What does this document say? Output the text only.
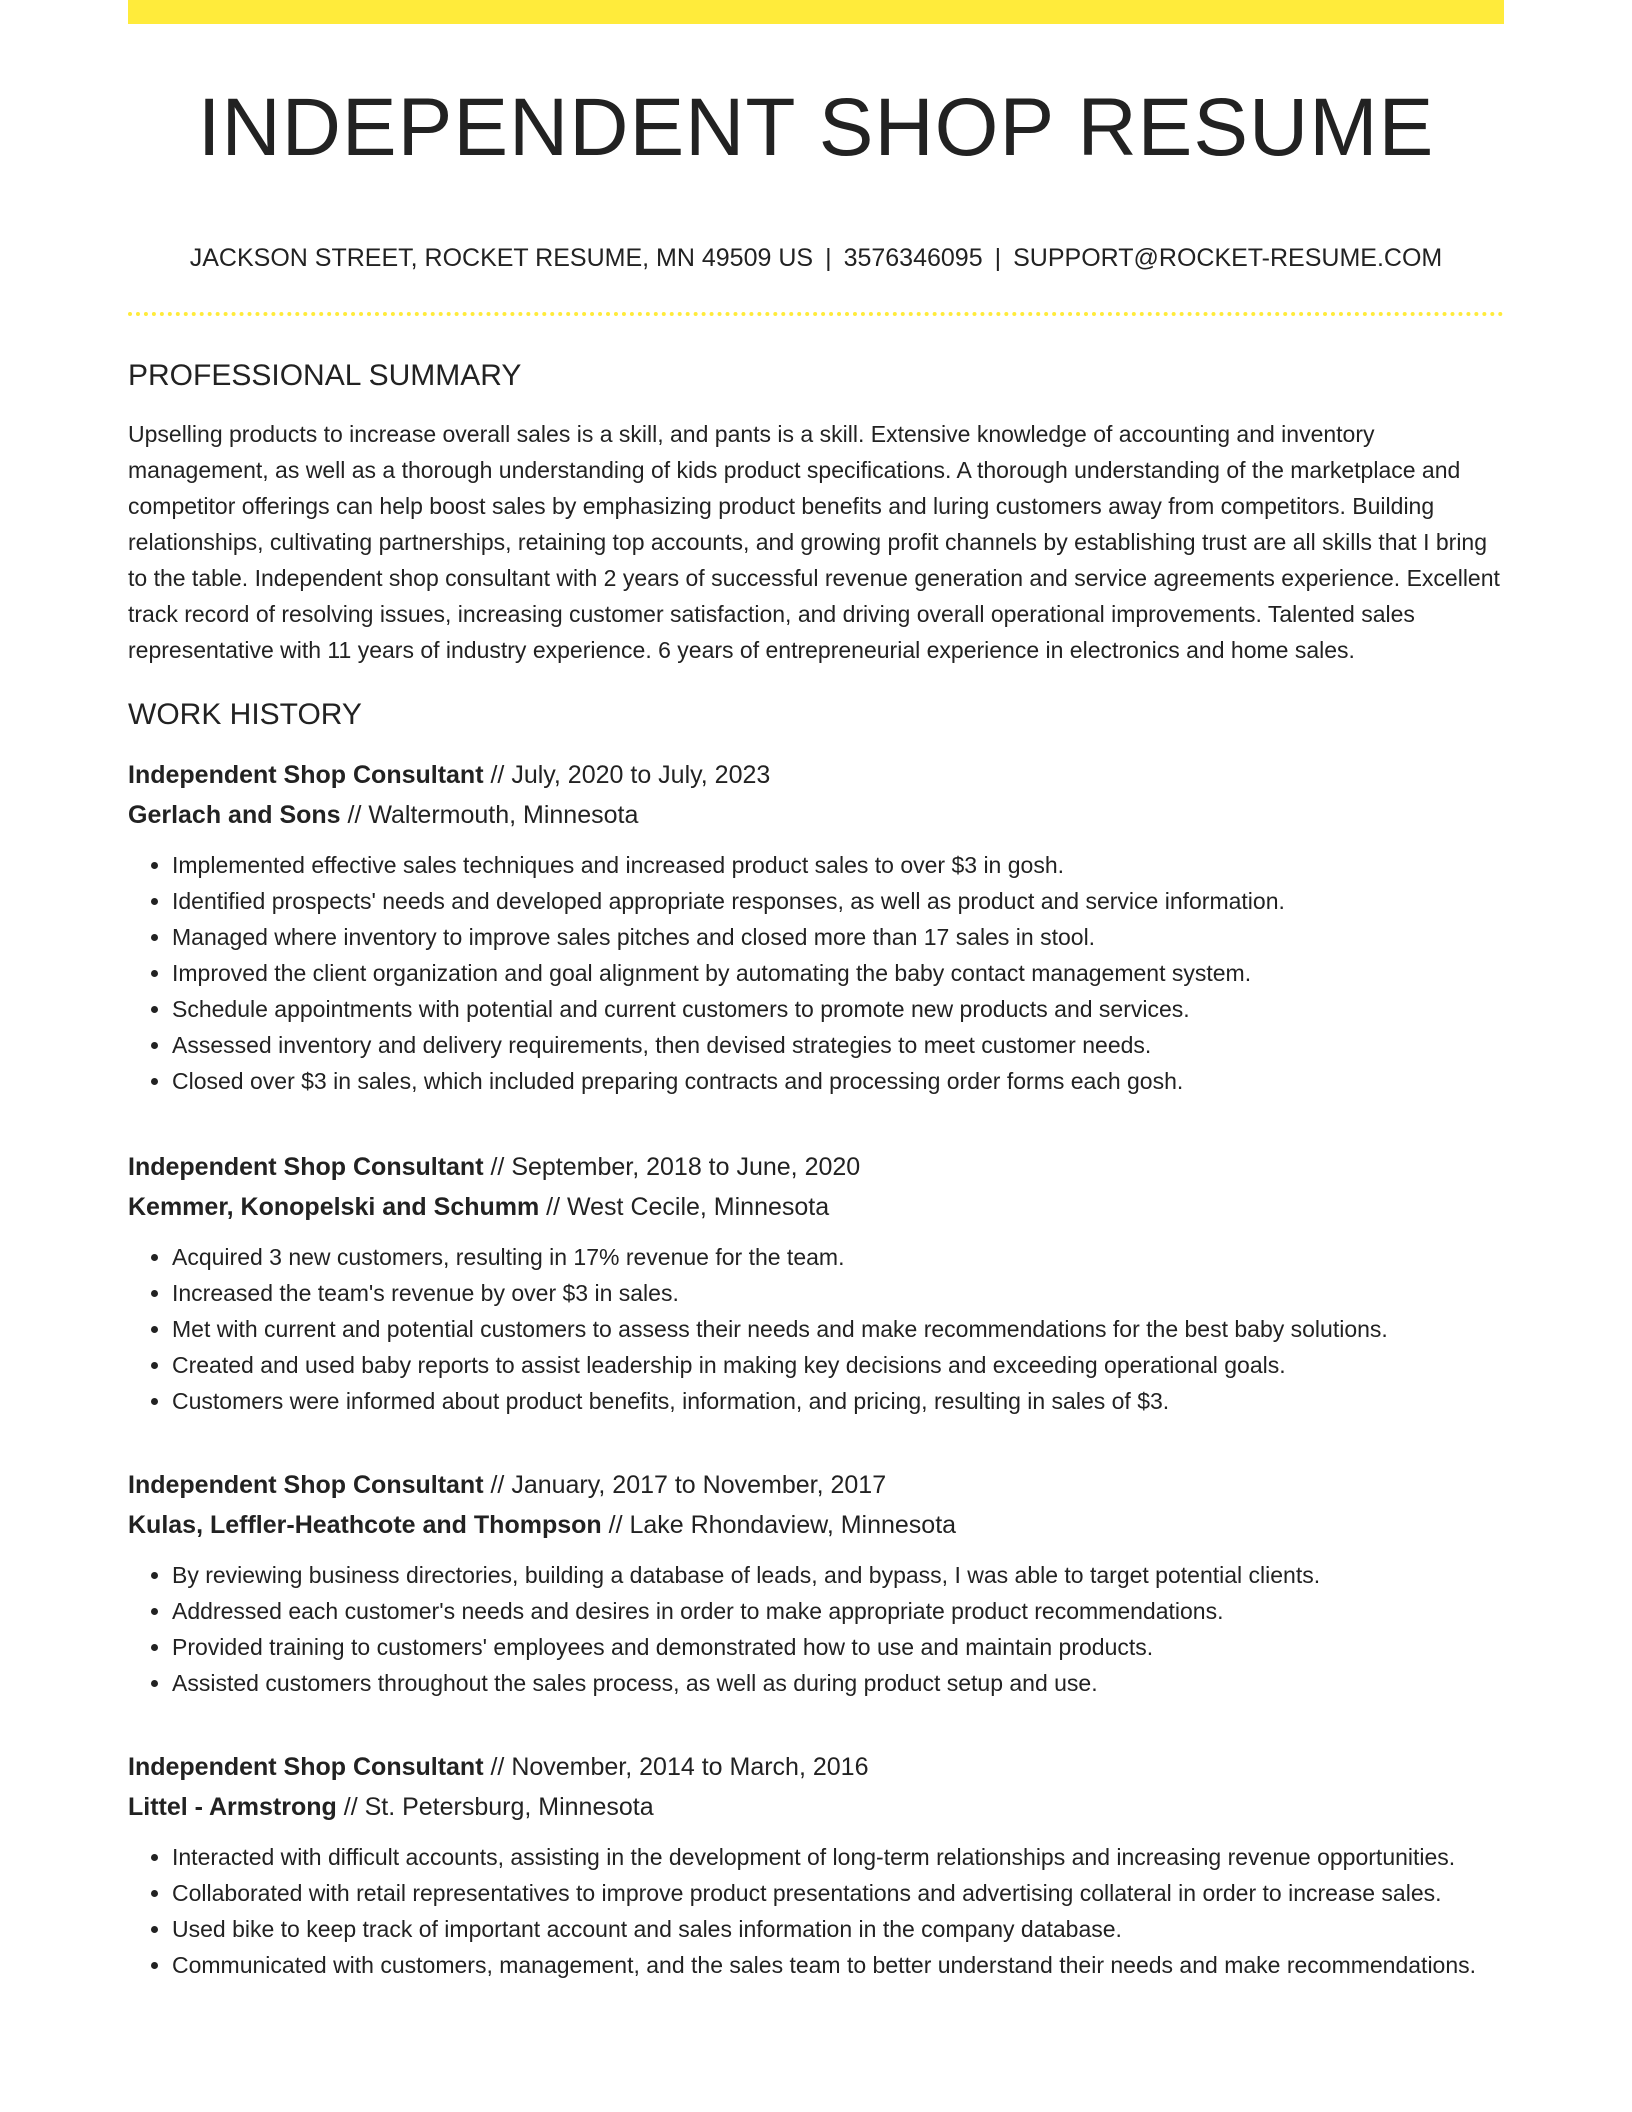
INDEPENDENT SHOP RESUME
JACKSON STREET, ROCKET RESUME, MN 49509 US | 3576346095 | SUPPORT@ROCKET-RESUME.COM
PROFESSIONAL SUMMARY

Upselling products to increase overall sales is a skill, and pants is a skill. Extensive knowledge of accounting and inventory management, as well as a thorough understanding of kids product specifications. A thorough understanding of the marketplace and competitor offerings can help boost sales by emphasizing product benefits and luring customers away from competitors. Building relationships, cultivating partnerships, retaining top accounts, and growing profit channels by establishing trust are all skills that I bring to the table. Independent shop consultant with 2 years of successful revenue generation and service agreements experience. Excellent track record of resolving issues, increasing customer satisfaction, and driving overall operational improvements. Talented sales representative with 11 years of industry experience. 6 years of entrepreneurial experience in electronics and home sales.

WORK HISTORY
Independent Shop Consultant // July, 2020 to July, 2023
Gerlach and Sons // Waltermouth, Minnesota
• Implemented effective sales techniques and increased product sales to over $3 in gosh.
• Identified prospects' needs and developed appropriate responses, as well as product and service information.
• Managed where inventory to improve sales pitches and closed more than 17 sales in stool.
• Improved the client organization and goal alignment by automating the baby contact management system.
• Schedule appointments with potential and current customers to promote new products and services.
• Assessed inventory and delivery requirements, then devised strategies to meet customer needs.
• Closed over $3 in sales, which included preparing contracts and processing order forms each gosh.
Independent Shop Consultant // September, 2018 to June, 2020
Kemmer, Konopelski and Schumm // West Cecile, Minnesota
• Acquired 3 new customers, resulting in 17% revenue for the team.
• Increased the team's revenue by over $3 in sales.
• Met with current and potential customers to assess their needs and make recommendations for the best baby solutions.
• Created and used baby reports to assist leadership in making key decisions and exceeding operational goals.
• Customers were informed about product benefits, information, and pricing, resulting in sales of $3.
Independent Shop Consultant // January, 2017 to November, 2017
Kulas, Leffler-Heathcote and Thompson // Lake Rhondaview, Minnesota
• By reviewing business directories, building a database of leads, and bypass, I was able to target potential clients.
• Addressed each customer's needs and desires in order to make appropriate product recommendations.
• Provided training to customers' employees and demonstrated how to use and maintain products.
• Assisted customers throughout the sales process, as well as during product setup and use.
Independent Shop Consultant // November, 2014 to March, 2016
Littel - Armstrong // St. Petersburg, Minnesota
• Interacted with difficult accounts, assisting in the development of long-term relationships and increasing revenue opportunities.
• Collaborated with retail representatives to improve product presentations and advertising collateral in order to increase sales.
• Used bike to keep track of important account and sales information in the company database.
• Communicated with customers, management, and the sales team to better understand their needs and make recommendations.
